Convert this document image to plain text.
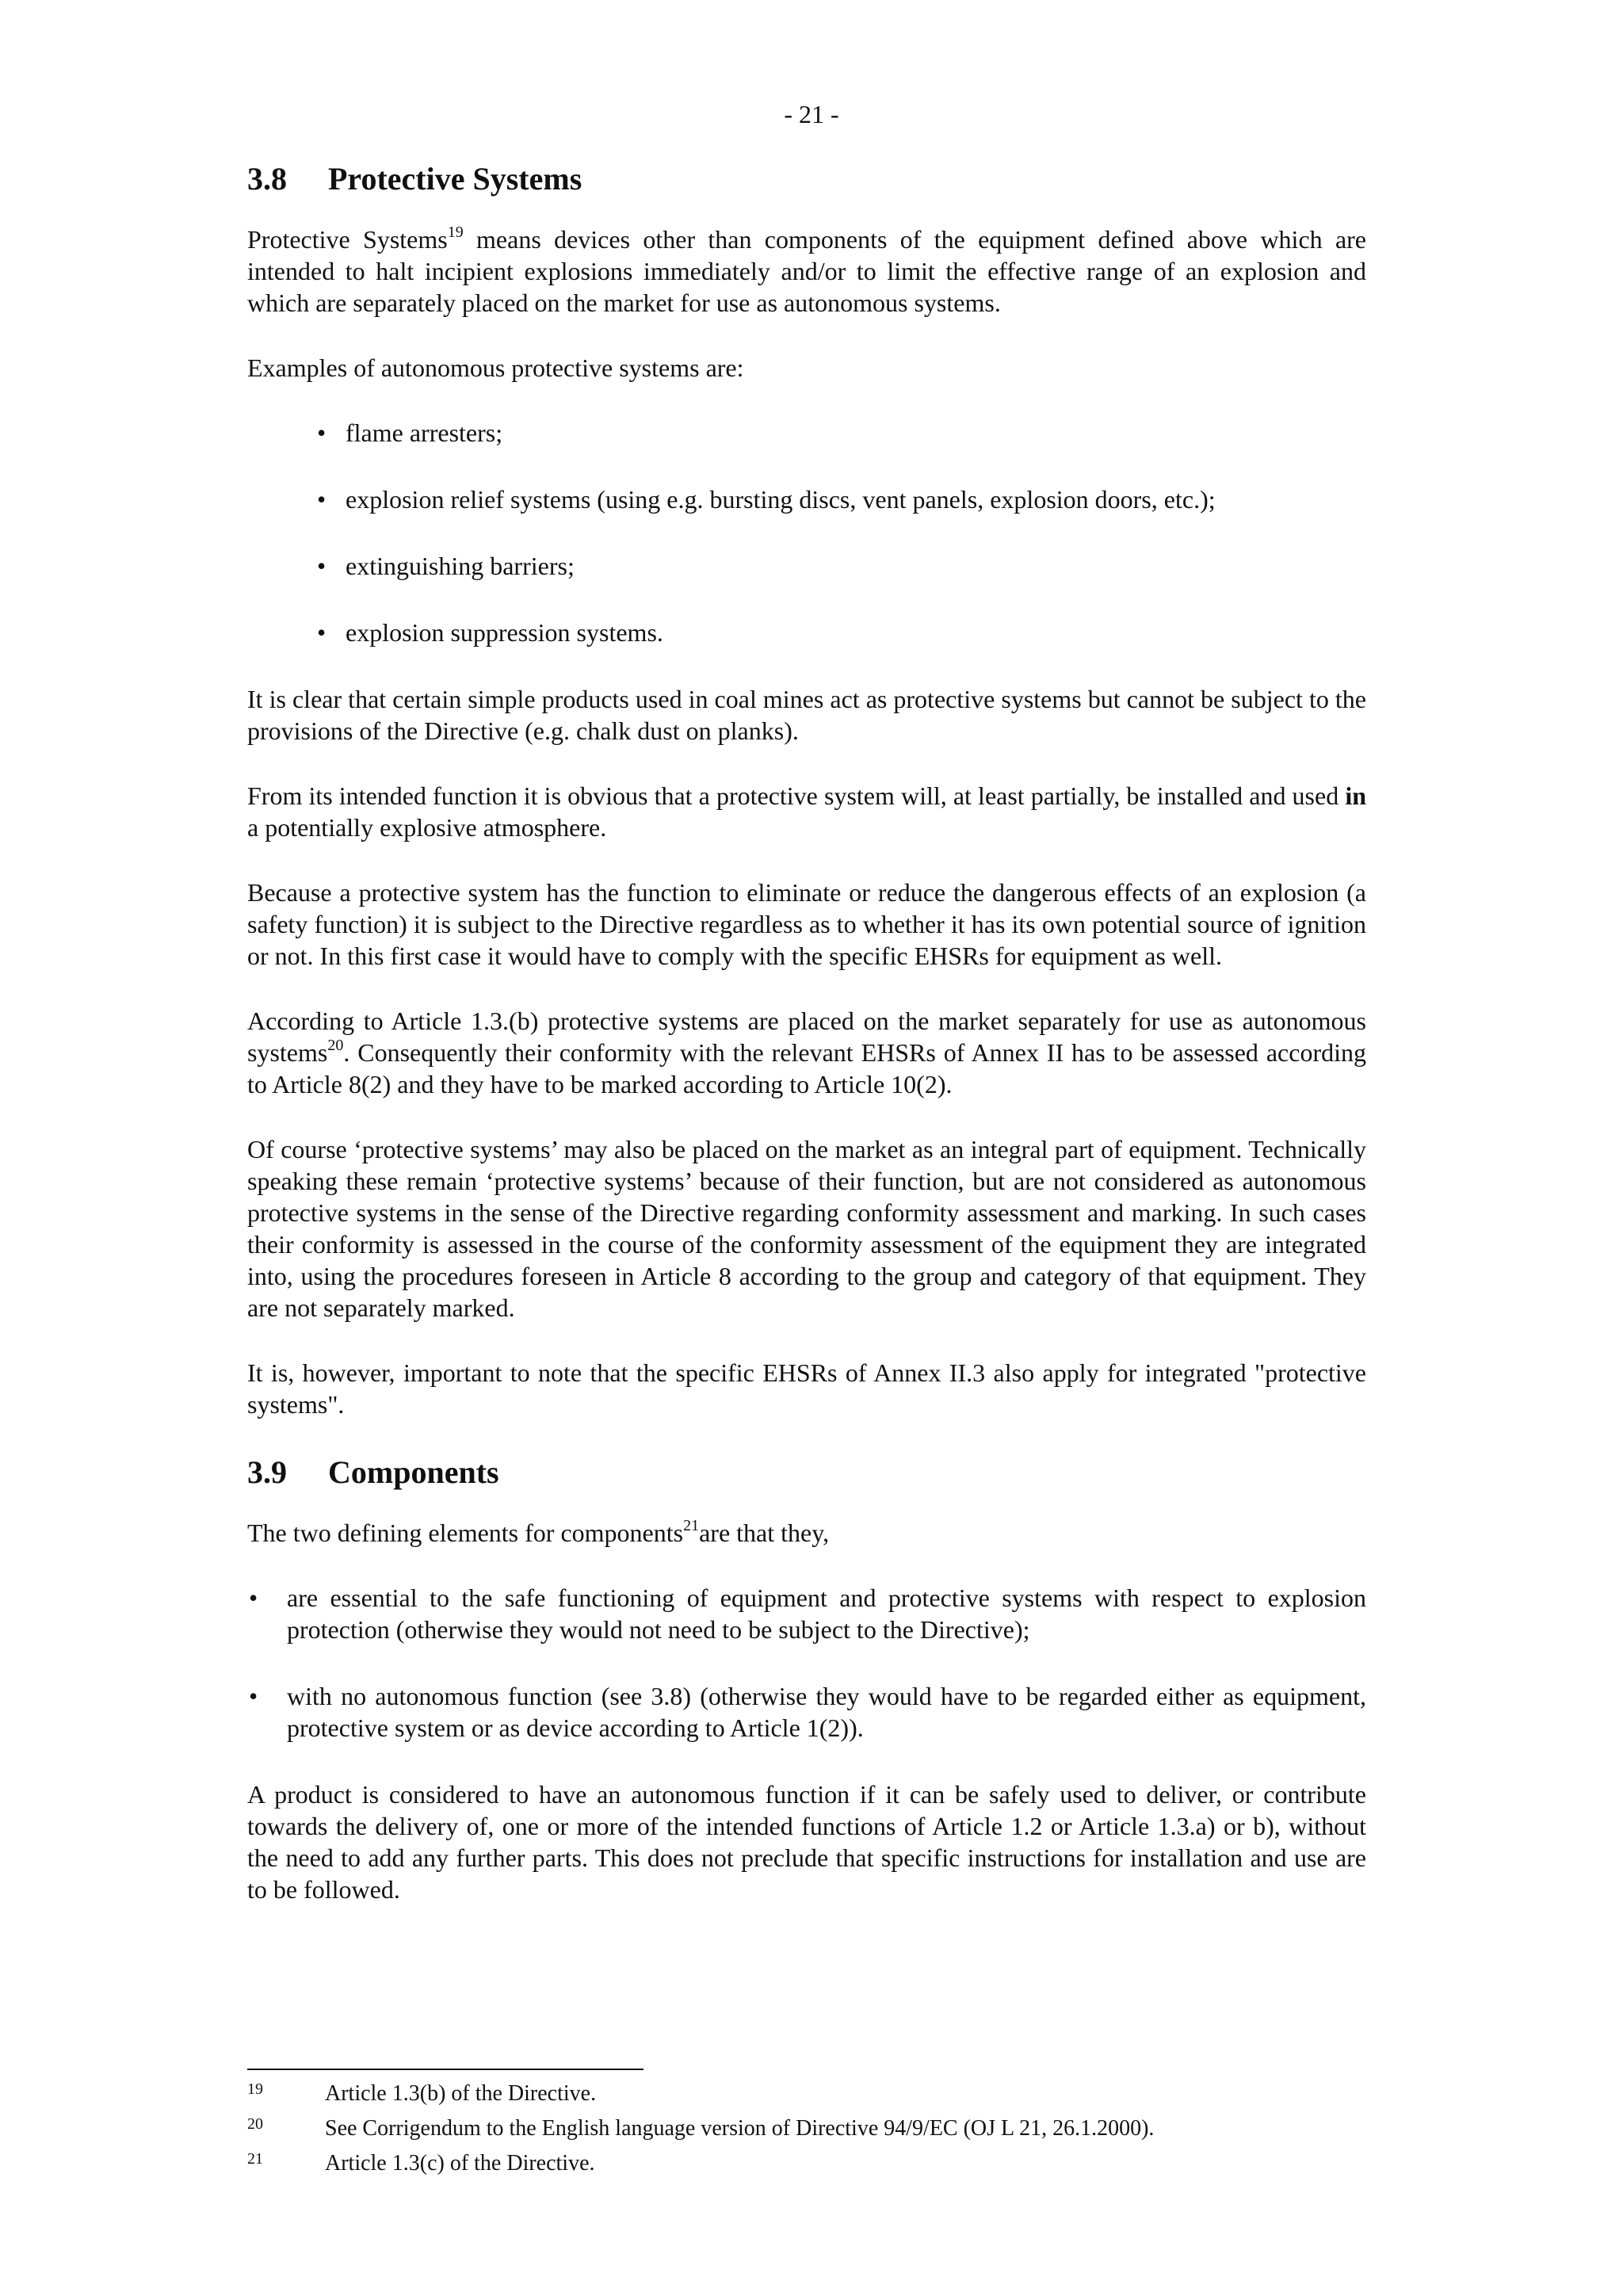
- 21 -
3.8 Protective Systems

Protective Systems$^{19}$ means devices other than components of the equipment defined above which are intended to halt incipient explosions immediately and/or to limit the effective range of an explosion and which are separately placed on the market for use as autonomous systems.

Examples of autonomous protective systems are:

• flame arresters;
• explosion relief systems (using e.g. bursting discs, vent panels, explosion doors, etc.);
• extinguishing barriers;
• explosion suppression systems.

It is clear that certain simple products used in coal mines act as protective systems but cannot be subject to the provisions of the Directive (e.g. chalk dust on planks).

From its intended function it is obvious that a protective system will, at least partially, be installed and used in a potentially explosive atmosphere.

Because a protective system has the function to eliminate or reduce the dangerous effects of an explosion (a safety function) it is subject to the Directive regardless as to whether it has its own potential source of ignition or not. In this first case it would have to comply with the specific EHSRs for equipment as well.

According to Article 1.3.(b) protective systems are placed on the market separately for use as autonomous systems$^{20}$. Consequently their conformity with the relevant EHSRs of Annex II has to be assessed according to Article 8(2) and they have to be marked according to Article 10(2).

Of course ‘protective systems’ may also be placed on the market as an integral part of equipment. Technically speaking these remain ‘protective systems’ because of their function, but are not considered as autonomous protective systems in the sense of the Directive regarding conformity assessment and marking. In such cases their conformity is assessed in the course of the conformity assessment of the equipment they are integrated into, using the procedures foreseen in Article 8 according to the group and category of that equipment. They are not separately marked.

It is, however, important to note that the specific EHSRs of Annex II.3 also apply for integrated "protective systems".

3.9 Components

The two defining elements for components$^{21}$are that they,

• are essential to the safe functioning of equipment and protective systems with respect to explosion protection (otherwise they would not need to be subject to the Directive);
• with no autonomous function (see 3.8) (otherwise they would have to be regarded either as equipment, protective system or as device according to Article 1(2)).

A product is considered to have an autonomous function if it can be safely used to deliver, or contribute towards the delivery of, one or more of the intended functions of Article 1.2 or Article 1.3.a) or b), without the need to add any further parts. This does not preclude that specific instructions for installation and use are to be followed.

19	Article 1.3(b) of the Directive.
20	See Corrigendum to the English language version of Directive 94/9/EC (OJ L 21, 26.1.2000).
21	Article 1.3(c) of the Directive.
